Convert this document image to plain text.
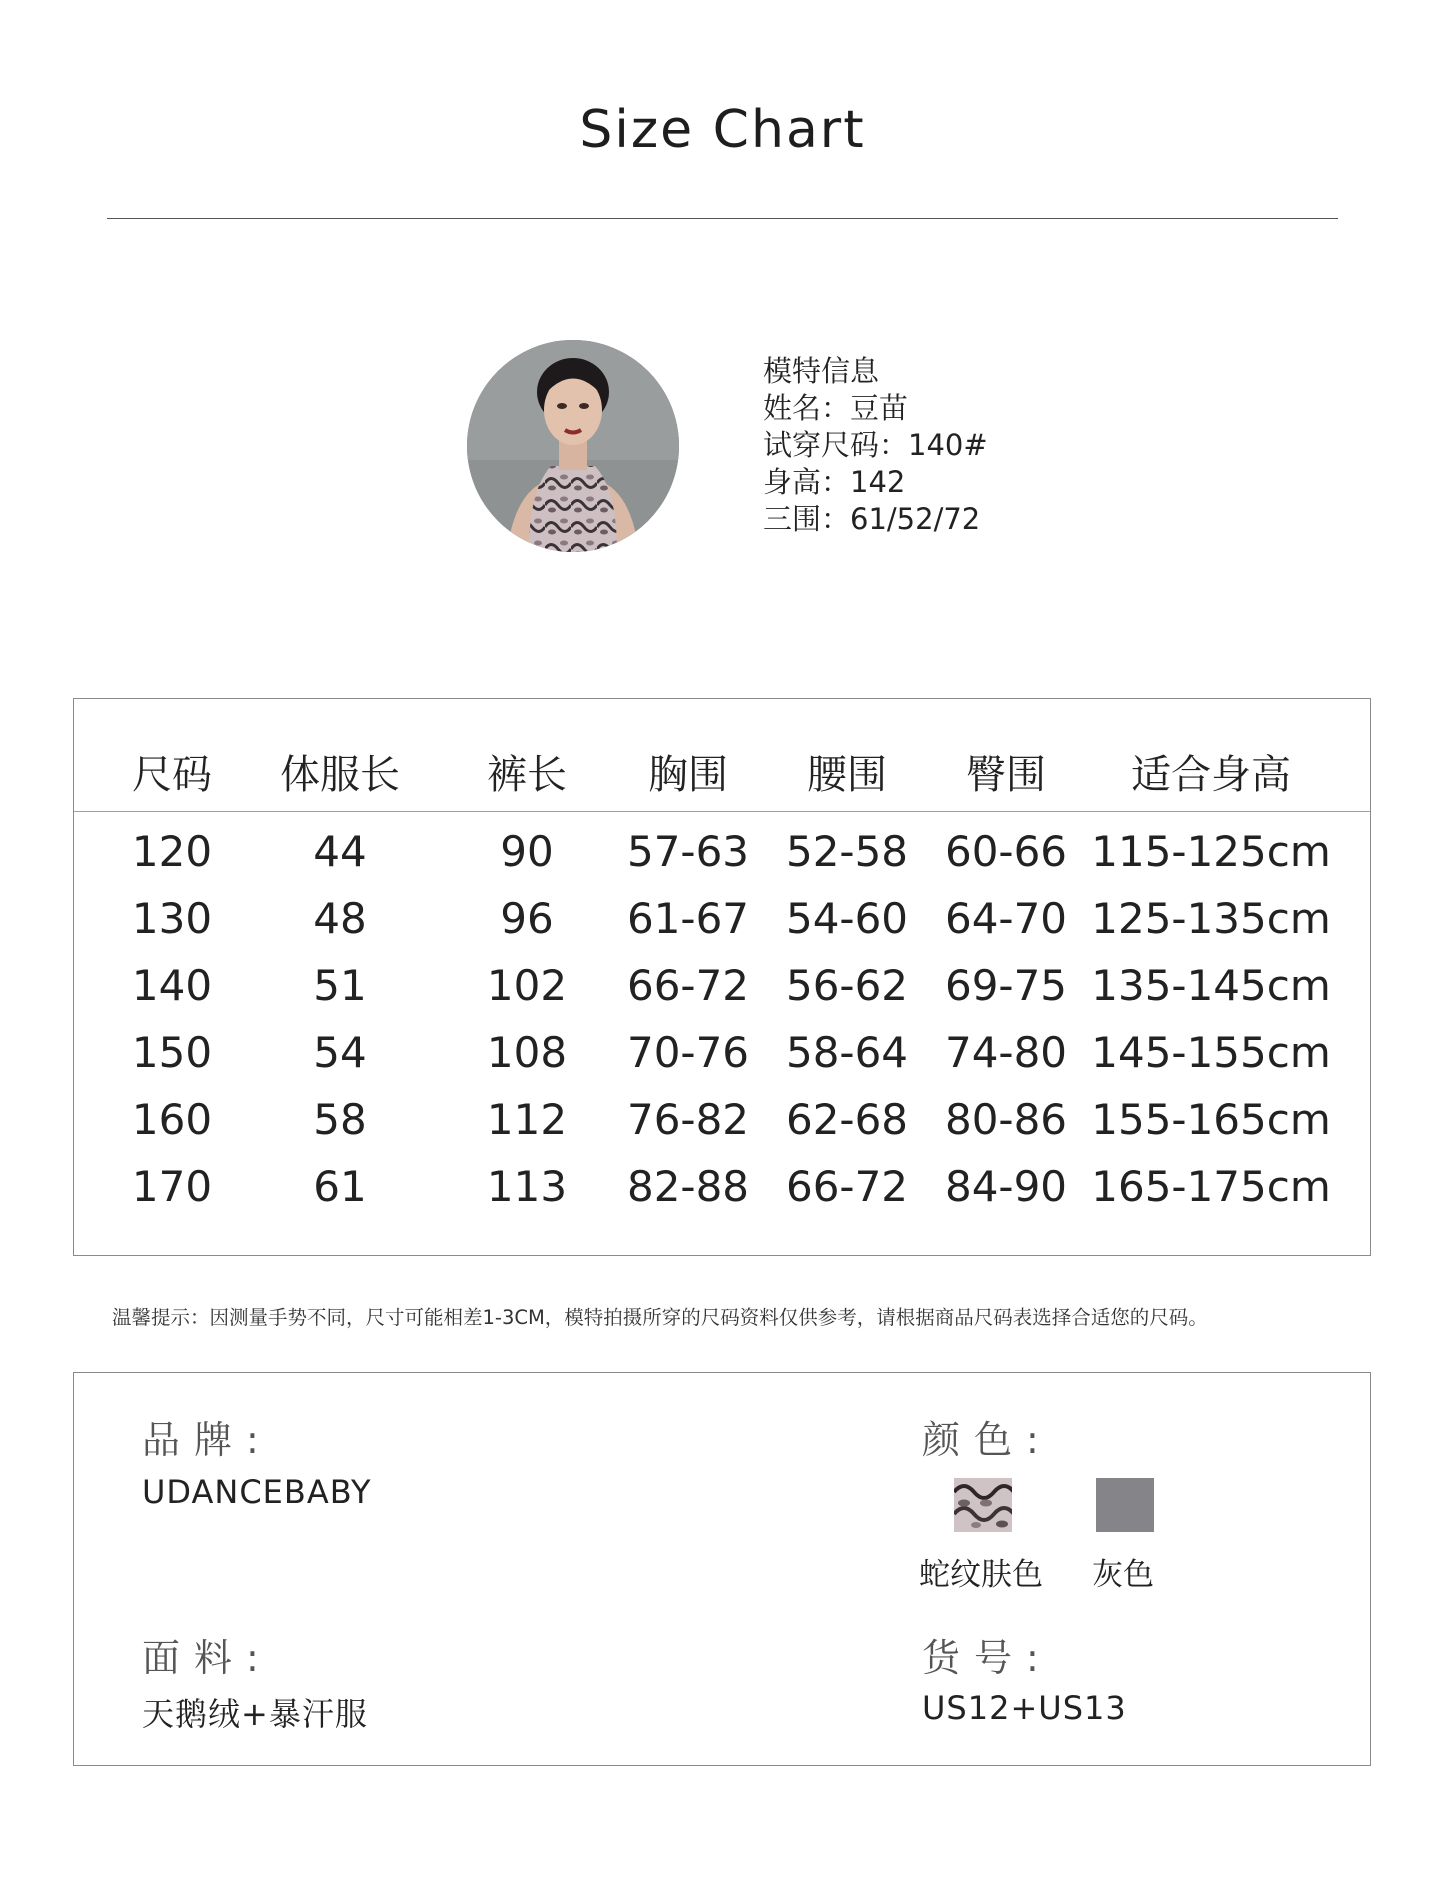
Size Chart
模特信息
姓名：豆苗
试穿尺码：140#
身高：142
三围：61/52/72
尺码 体服长 裤长 胸围 腰围 臀围 适合身高
120 44	90 57-63 52-58 60-66 115-125cm
130 48	96 61-67 54-60 64-70 125-135cm
140 51	102 66-72 56-62 69-75 135-145cm
150 54	108 70-76 58-64 74-80 145-155cm
160 58	112 76-82 62-68 80-86 155-165cm
170 61	113 82-88 66-72 84-90 165-175cm
温馨提示：因测量手势不同，尺寸可能相差1-3CM，模特拍摄所穿的尺码资料仅供参考，请根据商品尺码表选择合适您的尺码。
品牌:
UDANCEBABY
颜色:
蛇纹肤色 灰色
面料:
天鹅绒+暴汗服
货号:
US12+US13
